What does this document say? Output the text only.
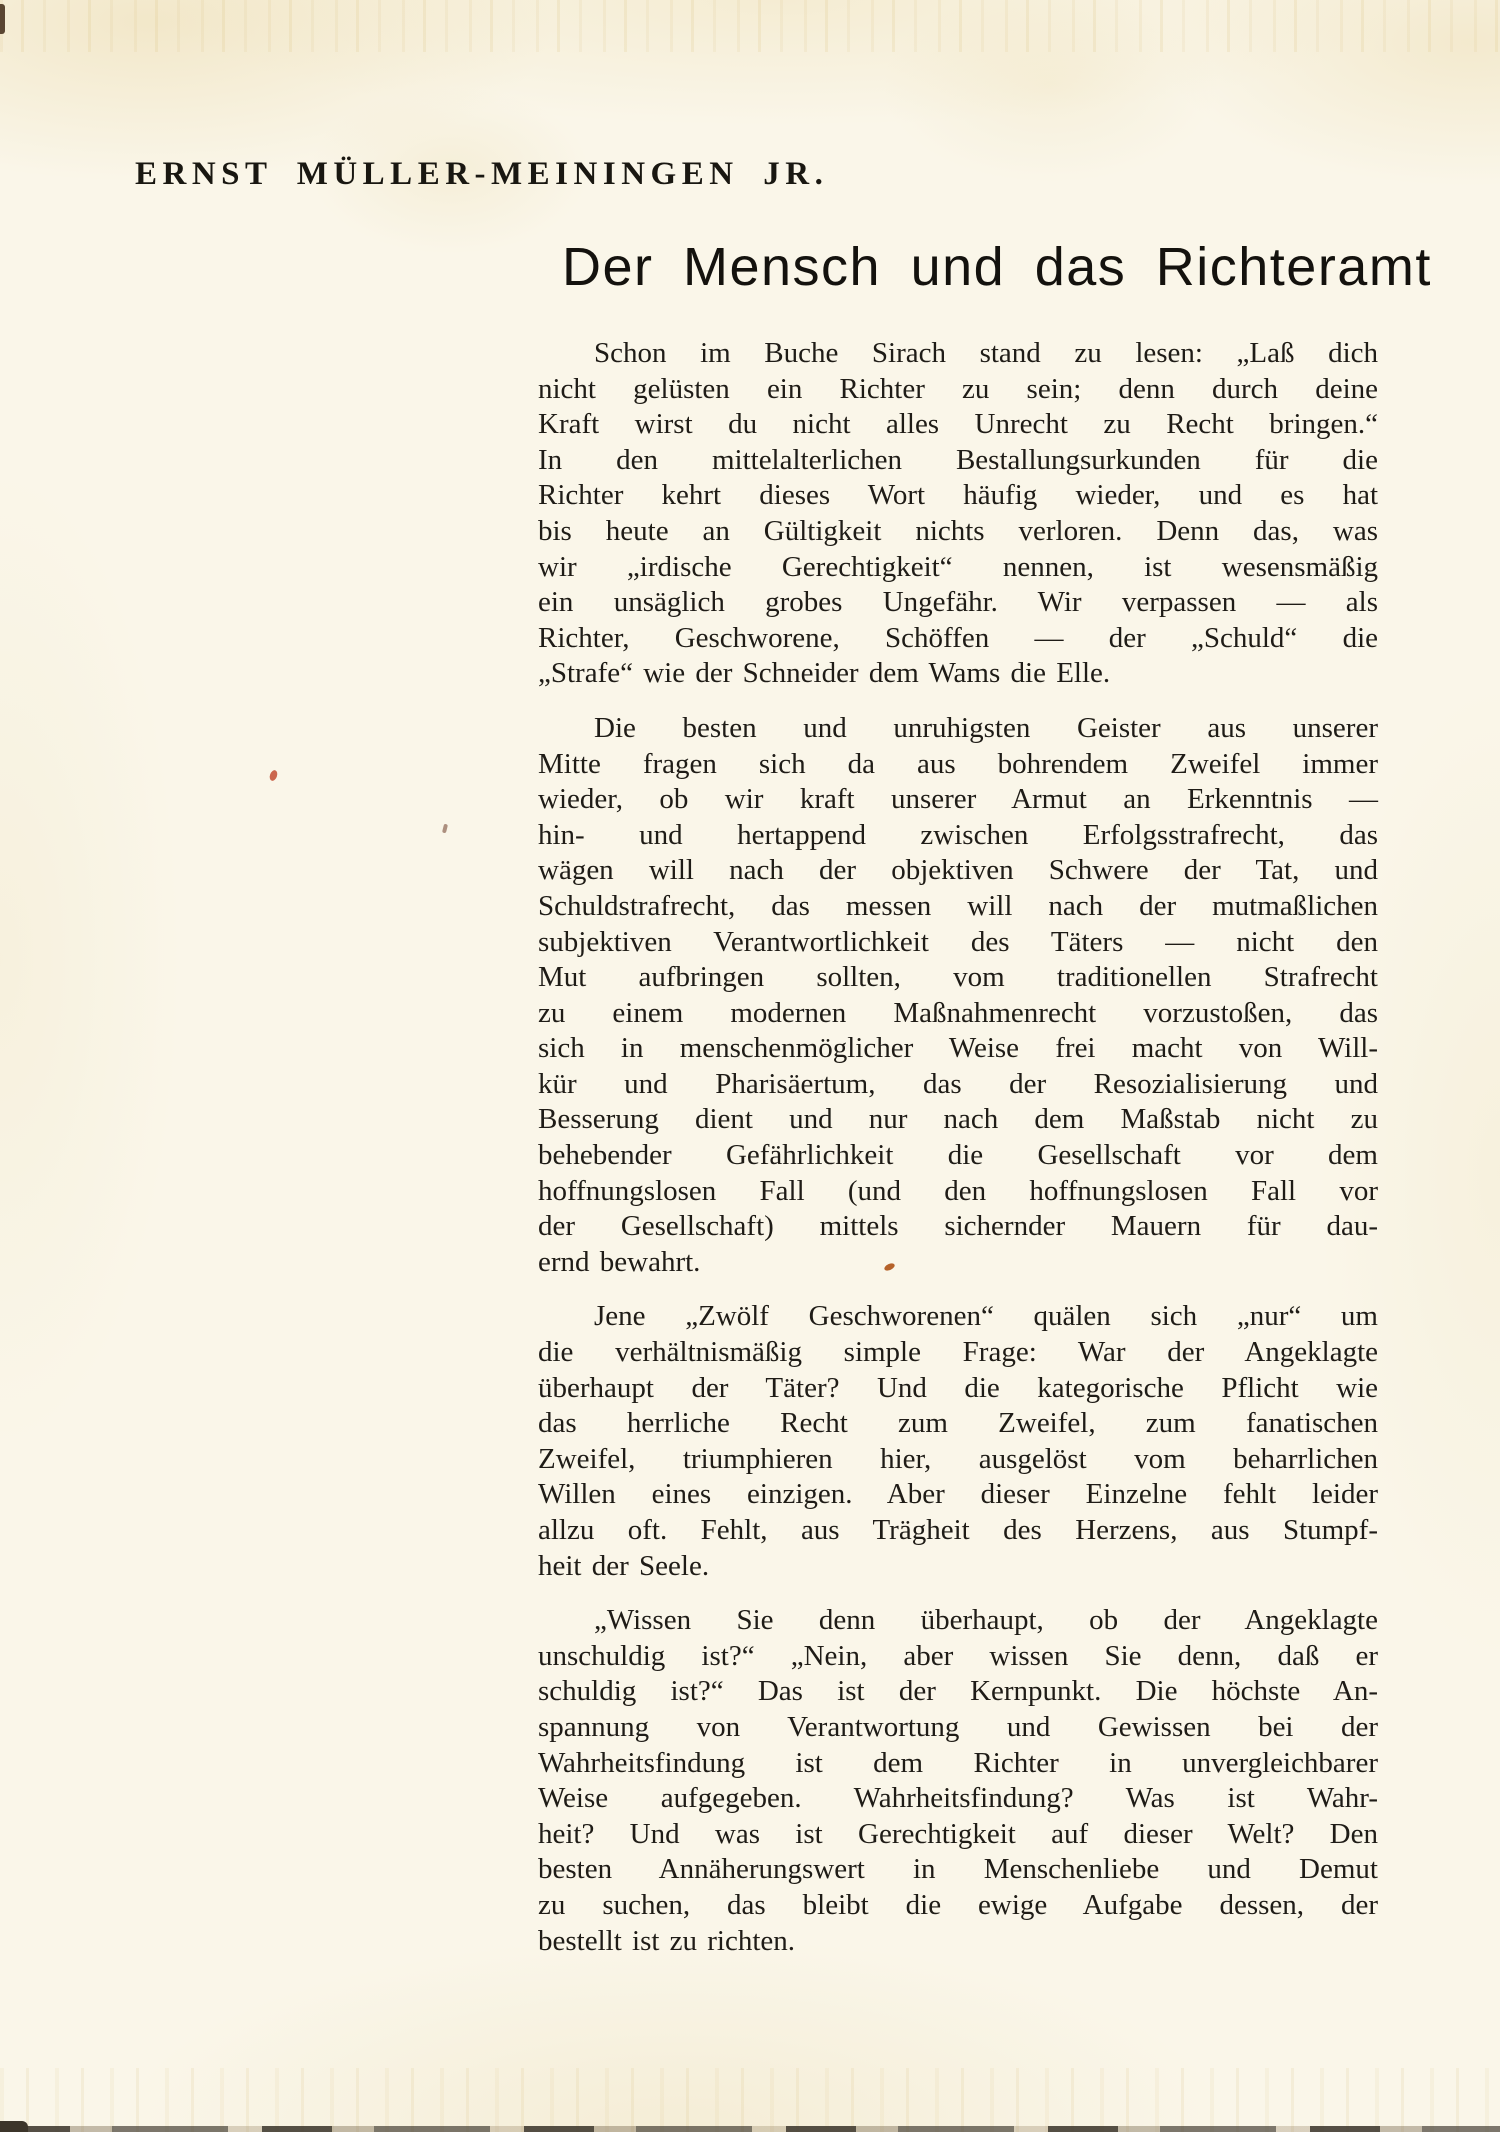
ERNST MÜLLER-MEININGEN JR.
Der Mensch und das Richteramt
Schon im Buche Sirach stand zu lesen: „Laß dich
nicht gelüsten ein Richter zu sein; denn durch deine
Kraft wirst du nicht alles Unrecht zu Recht bringen.“
In den mittelalterlichen Bestallungsurkunden für die
Richter kehrt dieses Wort häufig wieder, und es hat
bis heute an Gültigkeit nichts verloren. Denn das, was
wir „irdische Gerechtigkeit“ nennen, ist wesensmäßig
ein unsäglich grobes Ungefähr. Wir verpassen — als
Richter, Geschworene, Schöffen — der „Schuld“ die
„Strafe“ wie der Schneider dem Wams die Elle.
Die besten und unruhigsten Geister aus unserer
Mitte fragen sich da aus bohrendem Zweifel immer
wieder, ob wir kraft unserer Armut an Erkenntnis —
hin- und hertappend zwischen Erfolgsstrafrecht, das
wägen will nach der objektiven Schwere der Tat, und
Schuldstrafrecht, das messen will nach der mutmaßlichen
subjektiven Verantwortlichkeit des Täters — nicht den
Mut aufbringen sollten, vom traditionellen Strafrecht
zu einem modernen Maßnahmenrecht vorzustoßen, das
sich in menschenmöglicher Weise frei macht von Will-
kür und Pharisäertum, das der Resozialisierung und
Besserung dient und nur nach dem Maßstab nicht zu
behebender Gefährlichkeit die Gesellschaft vor dem
hoffnungslosen Fall (und den hoffnungslosen Fall vor
der Gesellschaft) mittels sichernder Mauern für dau-
ernd bewahrt.
Jene „Zwölf Geschworenen“ quälen sich „nur“ um
die verhältnismäßig simple Frage: War der Angeklagte
überhaupt der Täter? Und die kategorische Pflicht wie
das herrliche Recht zum Zweifel, zum fanatischen
Zweifel, triumphieren hier, ausgelöst vom beharrlichen
Willen eines einzigen. Aber dieser Einzelne fehlt leider
allzu oft. Fehlt, aus Trägheit des Herzens, aus Stumpf-
heit der Seele.
„Wissen Sie denn überhaupt, ob der Angeklagte
unschuldig ist?“ „Nein, aber wissen Sie denn, daß er
schuldig ist?“ Das ist der Kernpunkt. Die höchste An-
spannung von Verantwortung und Gewissen bei der
Wahrheitsfindung ist dem Richter in unvergleichbarer
Weise aufgegeben. Wahrheitsfindung? Was ist Wahr-
heit? Und was ist Gerechtigkeit auf dieser Welt? Den
besten Annäherungswert in Menschenliebe und Demut
zu suchen, das bleibt die ewige Aufgabe dessen, der
bestellt ist zu richten.
